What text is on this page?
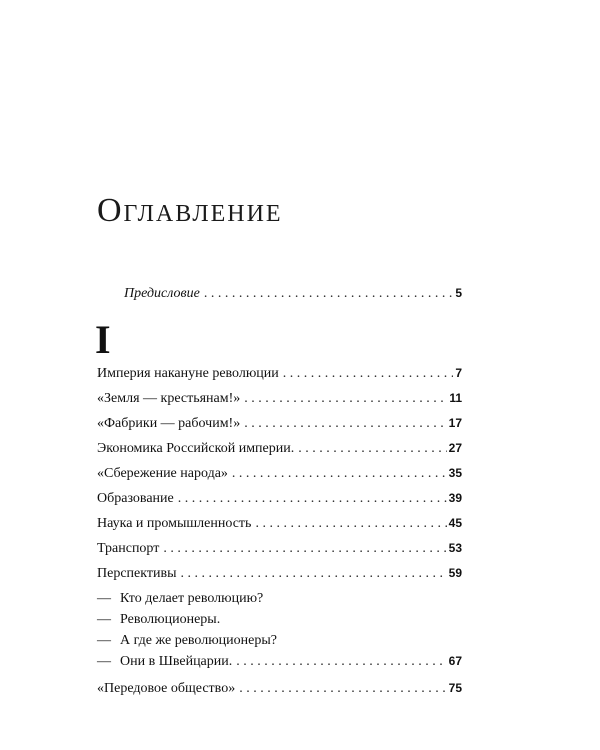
Оглавление
Предисловие . . .	5
I
Империя накануне революции . . .	7
«Земля — крестьянам!» . . .	11
«Фабрики — рабочим!» . . .	17
Экономика Российской империи. . . .	27
«Сбережение народа» . . .	35
Образование . . .	39
Наука и промышленность . . .	45
Транспорт . . .	53
Перспективы . . .	59
— Кто делает революцию?
— Революционеры.
— А где же революционеры?
— Они в Швейцарии. . . .	67
«Передовое общество» . . .	75
